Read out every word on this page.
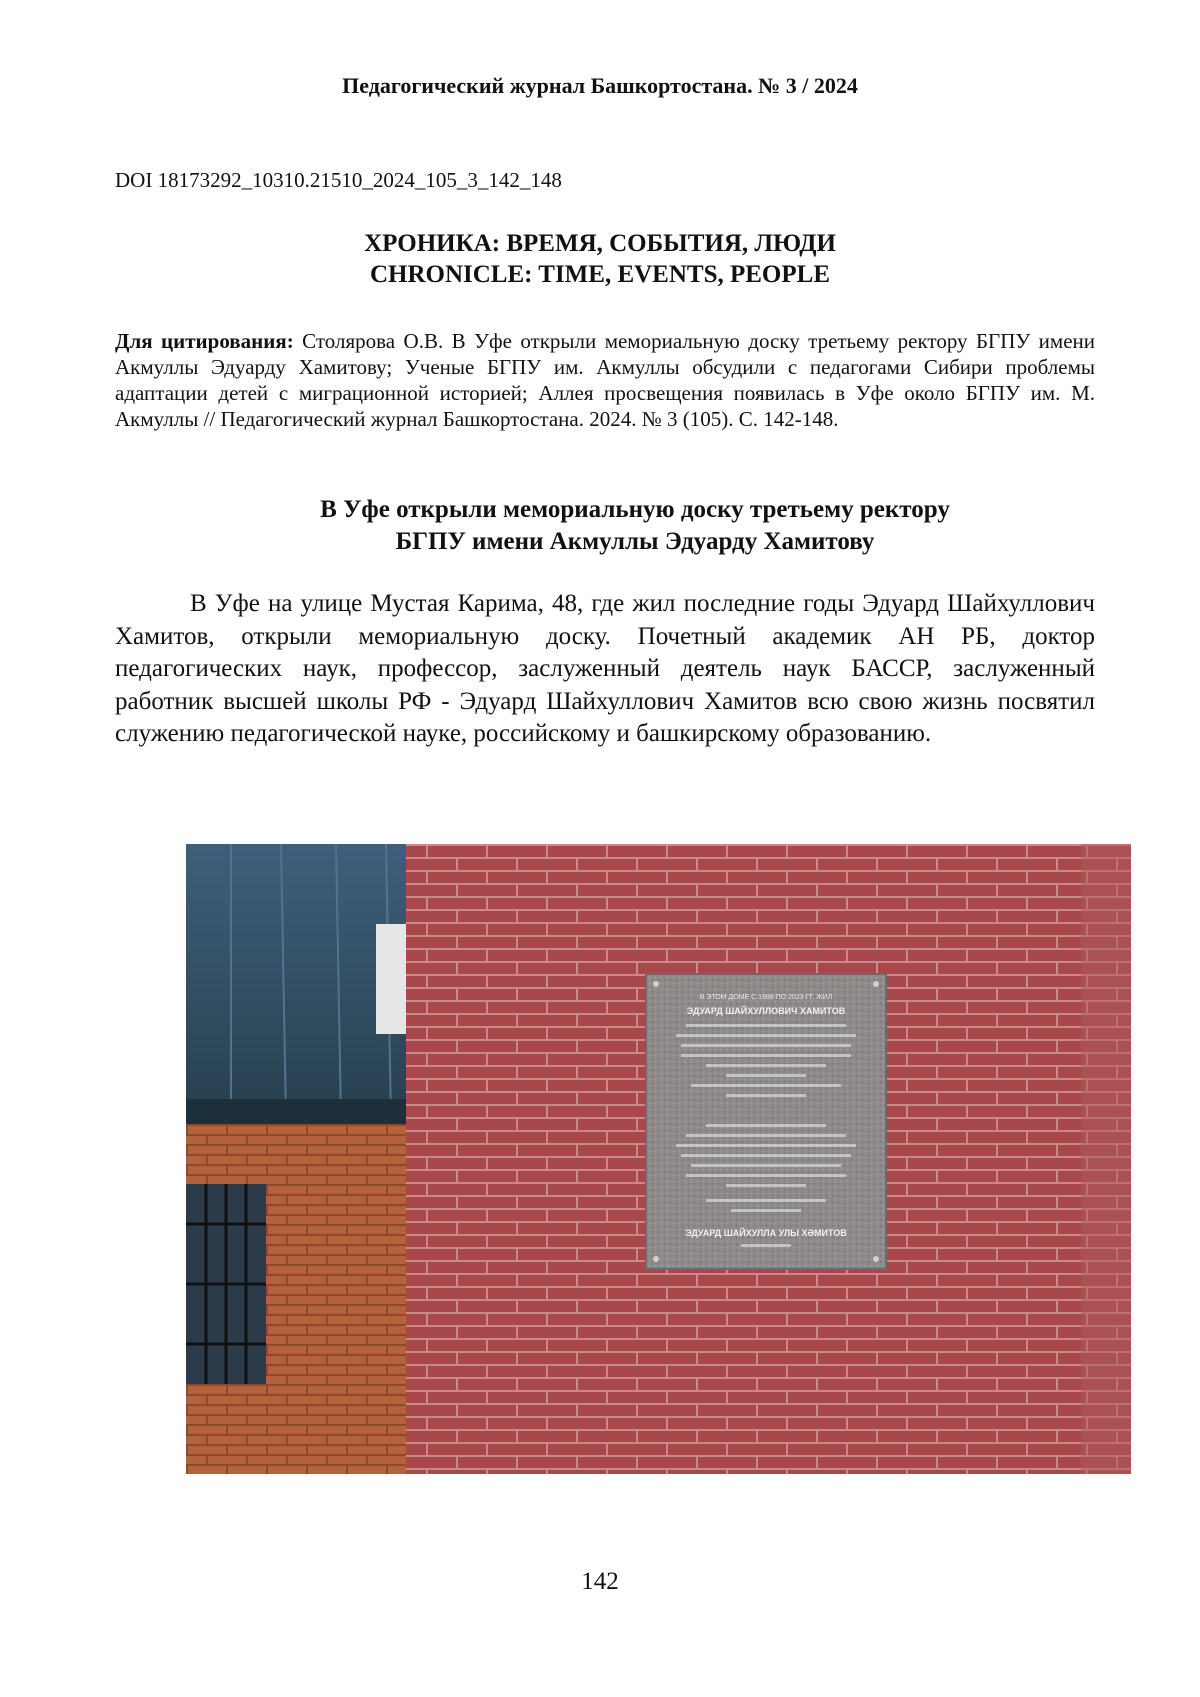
Педагогический журнал Башкортостана. № 3 / 2024
DOI 18173292_10310.21510_2024_105_3_142_148
ХРОНИКА: ВРЕМЯ, СОБЫТИЯ, ЛЮДИ
CHRONICLE: TIME, EVENTS, PEOPLE
Для цитирования: Столярова О.В. В Уфе открыли мемориальную доску третьему ректору БГПУ имени Акмуллы Эдуарду Хамитову; Ученые БГПУ им. Акмуллы обсудили с педагогами Сибири проблемы адаптации детей с миграционной историей; Аллея просвещения появилась в Уфе около БГПУ им. М. Акмуллы // Педагогический журнал Башкортостана. 2024. № 3 (105). С. 142-148.
В Уфе открыли мемориальную доску третьему ректору
БГПУ имени Акмуллы Эдуарду Хамитову
В Уфе на улице Мустая Карима, 48, где жил последние годы Эдуард Шайхуллович Хамитов, открыли мемориальную доску. Почетный академик АН РБ, доктор педагогических наук, профессор, заслуженный деятель наук БАССР, заслуженный работник высшей школы РФ - Эдуард Шайхуллович Хамитов всю свою жизнь посвятил служению педагогической науке, российскому и башкирскому образованию.
В ЭТОМ ДОМЕ С 1988 ПО 2023 ГГ. ЖИЛ
ЭДУАРД ШАЙХУЛЛОВИЧ ХАМИТОВ
ЭДУАРД ШАЙХУЛЛА УЛЫ ХӘМИТОВ
142
